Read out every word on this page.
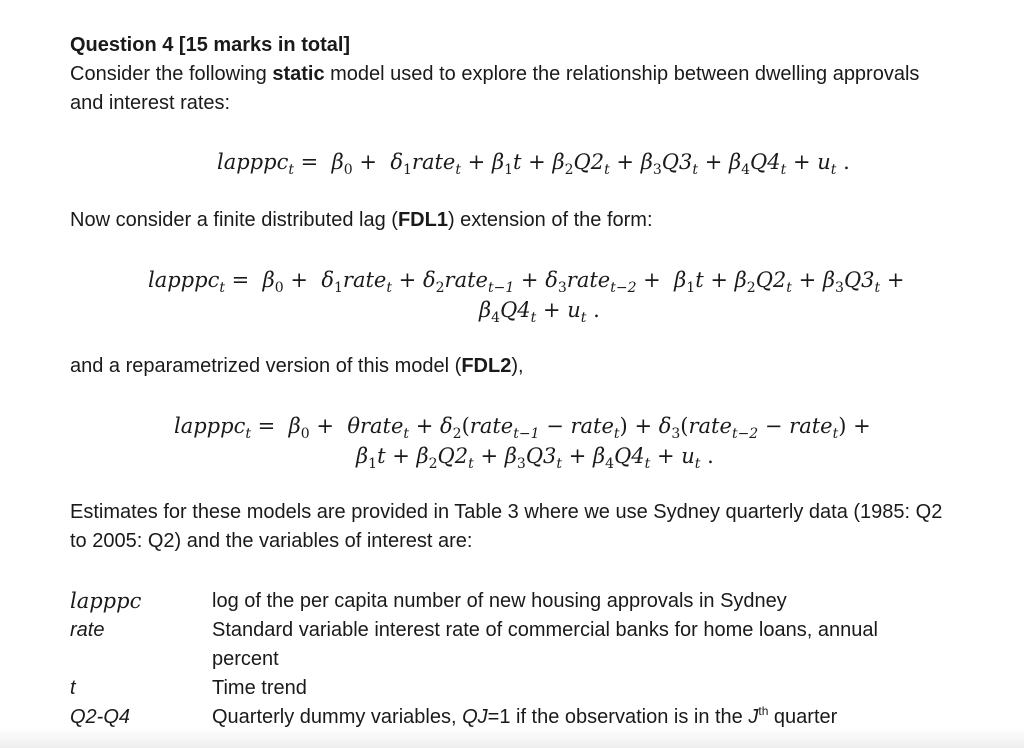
Question 4 [15 marks in total]
Consider the following static model used to explore the relationship between dwelling approvals and interest rates:
lapppc$_t$ =  $\beta_0$ +  $\delta_1rate_t + \beta_1t + \beta_2Q2_t + \beta_3Q3_t + \beta_4Q4_t + u_t$ .
Now consider a finite distributed lag (FDL1) extension of the form:
lapppc$_t$ =  $\beta_0$ +  $\delta_1rate_t$ + $\delta_2rate_{t-1}$ + $\delta_3rate_{t-2} + \beta_1t + \beta_2Q2_t + \beta_3Q3_t$ +
$\beta_4Q4_t + u_t$ .
and a reparametrized version of this model (FDL2),
lapppc$_t$ =  $\beta_0$ +  θrate$_t$ + $\delta_2(rate_{t-1}$ − rate$_t$) + $\delta_3(rate_{t-2}$ − rate$_t$) +
$\beta_1t + \beta_2Q2_t + \beta_3Q3_t + \beta_4Q4_t + u_t$ .
Estimates for these models are provided in Table 3 where we use Sydney quarterly data (1985: Q2 to 2005: Q2) and the variables of interest are:
lapppc	log of the per capita number of new housing approvals in Sydney
rate	Standard variable interest rate of commercial banks for home loans, annual percent
t	Time trend
Q2-Q4	Quarterly dummy variables, QJ=1 if the observation is in the $J^{th}$ quarter
